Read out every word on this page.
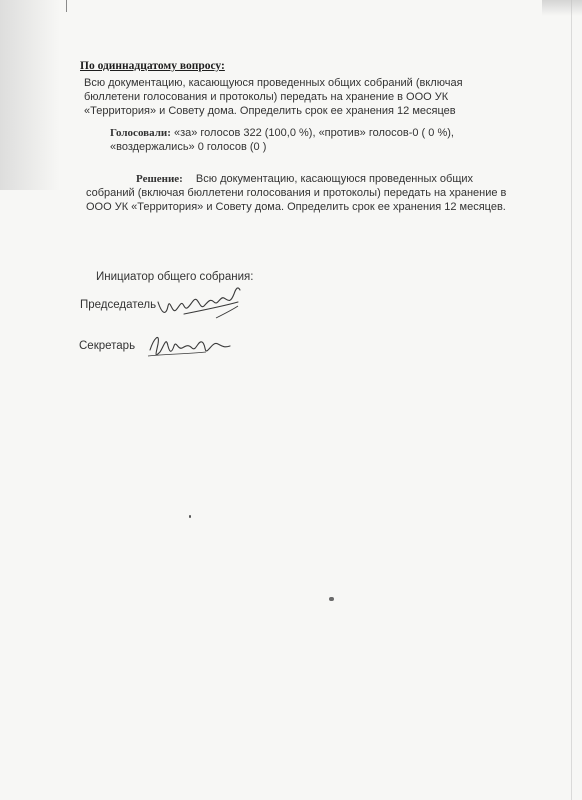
По одиннадцатому вопросу:
Всю документацию, касающуюся проведенных общих собраний (включая бюллетени голосования и протоколы) передать на хранение в ООО УК «Территория» и Совету дома. Определить срок ее хранения 12 месяцев
Голосовали: «за» голосов 322 (100,0 %), «против» голосов-0 ( 0 %), «воздержались» 0 голосов (0 )
Решение: Всю документацию, касающуюся проведенных общих собраний (включая бюллетени голосования и протоколы) передать на хранение в ООО УК «Территория» и Совету дома. Определить срок ее хранения 12 месяцев.
Инициатор общего собрания:
Председатель
Секретарь
